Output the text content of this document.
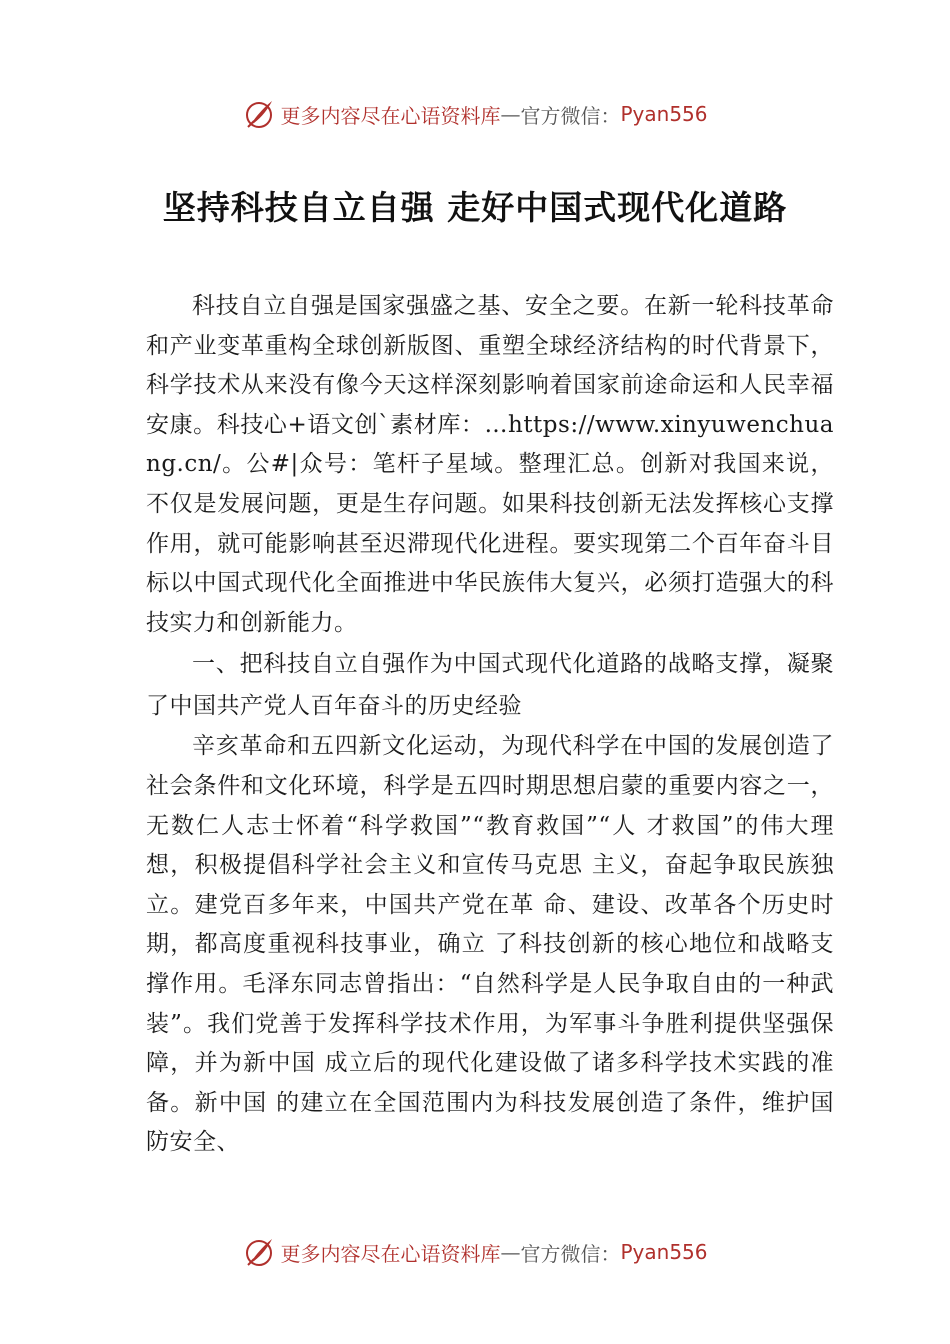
更多内容尽在心语资料库 — 官方微信： Pyan556
坚持科技自立自强 走好中国式现代化道路

科技自立自强是国家强盛之基、安全之要。在新一轮科技革命和产业变革重构全球创新版图、重塑全球经济结构的时代背景下，科学技术从来没有像今天这样深刻影响着国家前途命运和人民幸福安康。科技心+语文创`素材库：…https://www.xinyuwenchuang.cn/。公#|众号：笔杆子星域。整理汇总。创新对我国来说，不仅是发展问题，更是生存问题。如果科技创新无法发挥核心支撑作用，就可能影响甚至迟滞现代化进程。要实现第二个百年奋斗目标以中国式现代化全面推进中华民族伟大复兴，必须打造强大的科技实力和创新能力。

一、把科技自立自强作为中国式现代化道路的战略支撑，凝聚了中国共产党人百年奋斗的历史经验

辛亥革命和五四新文化运动，为现代科学在中国的发展创造了社会条件和文化环境，科学是五四时期思想启蒙的重要内容之一，无数仁人志士怀着“科学救国”“教育救国”“人 才救国”的伟大理想，积极提倡科学社会主义和宣传马克思 主义，奋起争取民族独立。建党百多年来，中国共产党在革 命、建设、改革各个历史时期，都高度重视科技事业，确立 了科技创新的核心地位和战略支撑作用。毛泽东同志曾指出：“自然科学是人民争取自由的一种武装”。我们党善于发挥科学技术作用，为军事斗争胜利提供坚强保障，并为新中国 成立后的现代化建设做了诸多科学技术实践的准备。新中国 的建立在全国范围内为科技发展创造了条件，维护国防安全、

更多内容尽在心语资料库 — 官方微信： Pyan556
